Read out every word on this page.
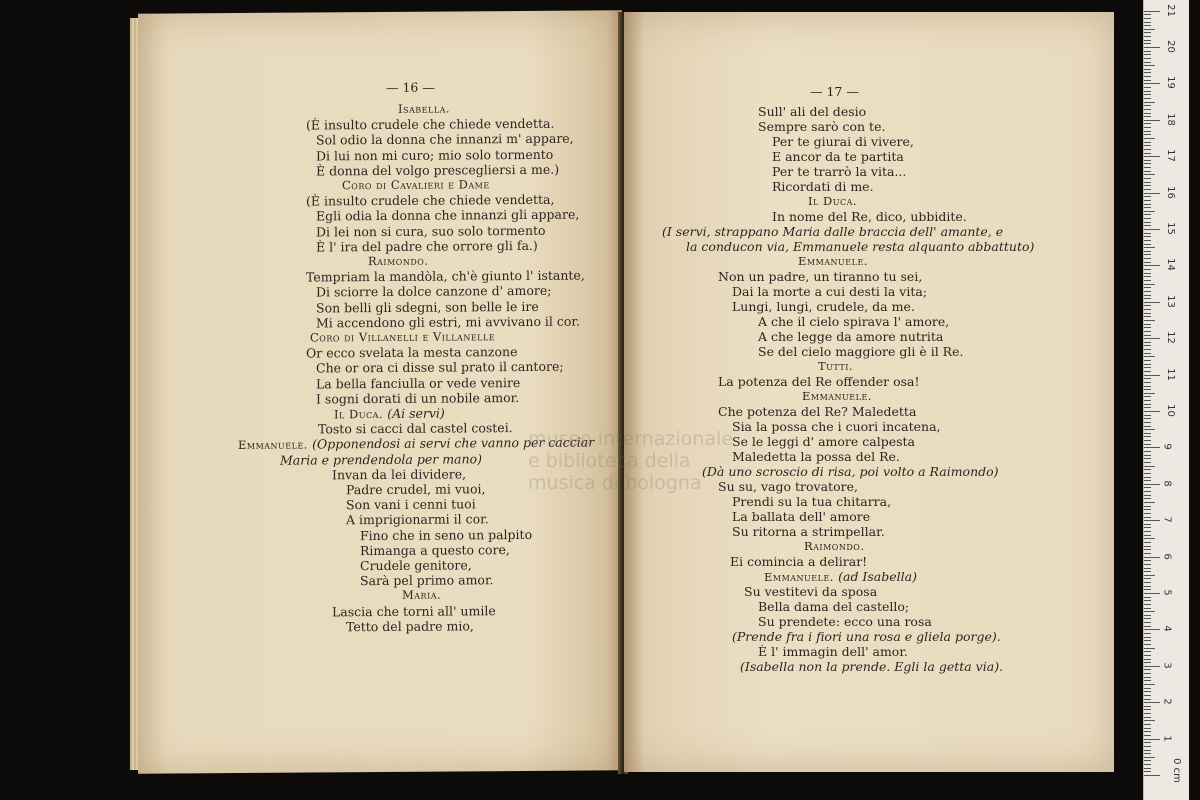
— 16 —
Isabella.
(È insulto crudele che chiede vendetta.
Sol odio la donna che innanzi m' appare,
Di lui non mi curo; mio solo tormento
È donna del volgo prescegliersi a me.)
Coro di Cavalieri e Dame
(È insulto crudele che chiede vendetta,
Egli odia la donna che innanzi gli appare,
Di lei non si cura, suo solo tormento
È l' ira del padre che orrore gli fa.)
Raimondo.
Tempriam la mandòla, ch'è giunto l' istante,
Di sciorre la dolce canzone d' amore;
Son belli gli sdegni, son belle le ire
Mi accendono gli estri, mi avvivano il cor.
Coro di Villanelli e Villanelle
Or ecco svelata la mesta canzone
Che or ora ci disse sul prato il cantore;
La bella fanciulla or vede venire
I sogni dorati di un nobile amor.
Il Duca. (Ai servi)
Tosto si cacci dal castel costei.
Emmanuele. (Opponendosi ai servi che vanno per cacciar
Maria e prendendola per mano)
Invan da lei dividere,
Padre crudel, mi vuoi,
Son vani i cenni tuoi
A imprigionarmi il cor.
Fino che in seno un palpito
Rimanga a questo core,
Crudele genitore,
Sarà pel primo amor.
Maria.
Lascia che torni all' umile
Tetto del padre mio,
— 17 —
Sull' ali del desio
Sempre sarò con te.
Per te giurai di vivere,
E ancor da te partita
Per te trarrò la vita...
Ricordati di me.
Il Duca.
In nome del Re, dico, ubbidite.
(I servi, strappano Maria dalle braccia dell' amante, e
la conducon via, Emmanuele resta alquanto abbattuto)
Emmanuele.
Non un padre, un tiranno tu sei,
Dai la morte a cui desti la vita;
Lungi, lungi, crudele, da me.
A che il cielo spirava l' amore,
A che legge da amore nutrita
Se del cielo maggiore gli è il Re.
Tutti.
La potenza del Re offender osa!
Emmanuele.
Che potenza del Re? Maledetta
Sia la possa che i cuori incatena,
Se le leggi d' amore calpesta
Maledetta la possa del Re.
(Dà uno scroscio di risa, poi volto a Raimondo)
Su su, vago trovatore,
Prendi su la tua chitarra,
La ballata dell' amore
Su ritorna a strimpellar.
Raimondo.
Ei comincia a delirar!
Emmanuele. (ad Isabella)
Su vestitevi da sposa
Bella dama del castello;
Su prendete: ecco una rosa
(Prende fra i fiori una rosa e gliela porge).
È l' immagin dell' amor.
(Isabella non la prende. Egli la getta via).
museo internazionale
e biblioteca della
musica di bologna
0 cm
1
2
3
4
5
6
7
8
9
10
11
12
13
14
15
16
17
18
19
20
21
